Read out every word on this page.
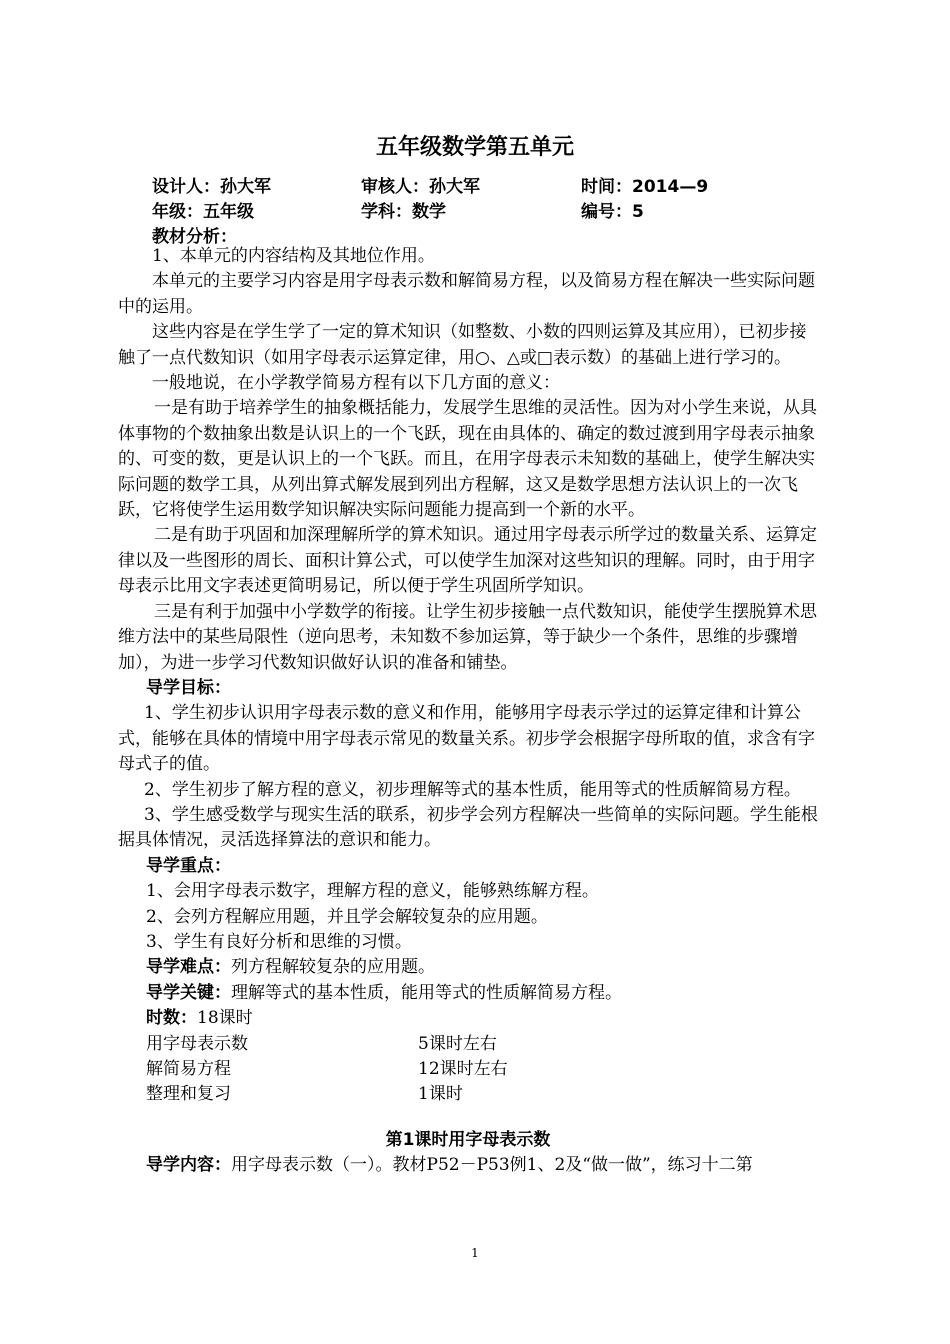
五年级数学第五单元
设计人：孙大军	审核人：孙大军	时间：2014—9
年级：五年级	学科：数学	编号：5
教材分析：

1、本单元的内容结构及其地位作用。

本单元的主要学习内容是用字母表示数和解简易方程，以及简易方程在解决一些实际问题中的运用。

这些内容是在学生学了一定的算术知识（如整数、小数的四则运算及其应用），已初步接触了一点代数知识（如用字母表示运算定律，用○、△或□表示数）的基础上进行学习的。

一般地说，在小学教学简易方程有以下几方面的意义：

一是有助于培养学生的抽象概括能力，发展学生思维的灵活性。因为对小学生来说，从具体事物的个数抽象出数是认识上的一个飞跃，现在由具体的、确定的数过渡到用字母表示抽象的、可变的数，更是认识上的一个飞跃。而且，在用字母表示未知数的基础上，使学生解决实际问题的数学工具，从列出算式解发展到列出方程解，这又是数学思想方法认识上的一次飞跃，它将使学生运用数学知识解决实际问题能力提高到一个新的水平。

二是有助于巩固和加深理解所学的算术知识。通过用字母表示所学过的数量关系、运算定律以及一些图形的周长、面积计算公式，可以使学生加深对这些知识的理解。同时，由于用字母表示比用文字表述更简明易记，所以便于学生巩固所学知识。

三是有利于加强中小学数学的衔接。让学生初步接触一点代数知识，能使学生摆脱算术思维方法中的某些局限性（逆向思考，未知数不参加运算，等于缺少一个条件，思维的步骤增加），为进一步学习代数知识做好认识的准备和铺垫。

导学目标：

1、学生初步认识用字母表示数的意义和作用，能够用字母表示学过的运算定律和计算公式，能够在具体的情境中用字母表示常见的数量关系。初步学会根据字母所取的值，求含有字母式子的值。

2、学生初步了解方程的意义，初步理解等式的基本性质，能用等式的性质解简易方程。

3、学生感受数学与现实生活的联系，初步学会列方程解决一些简单的实际问题。学生能根据具体情况，灵活选择算法的意识和能力。

导学重点：

1、会用字母表示数字，理解方程的意义，能够熟练解方程。

2、会列方程解应用题，并且学会解较复杂的应用题。

3、学生有良好分析和思维的习惯。

导学难点：列方程解较复杂的应用题。

导学关键：理解等式的基本性质，能用等式的性质解简易方程。

时数：18课时

用字母表示数	5课时左右
解简易方程	12课时左右
整理和复习	1课时

第1课时用字母表示数

导学内容：用字母表示数（一）。教材P52－P53例1、2及“做一做”，练习十二第

1
